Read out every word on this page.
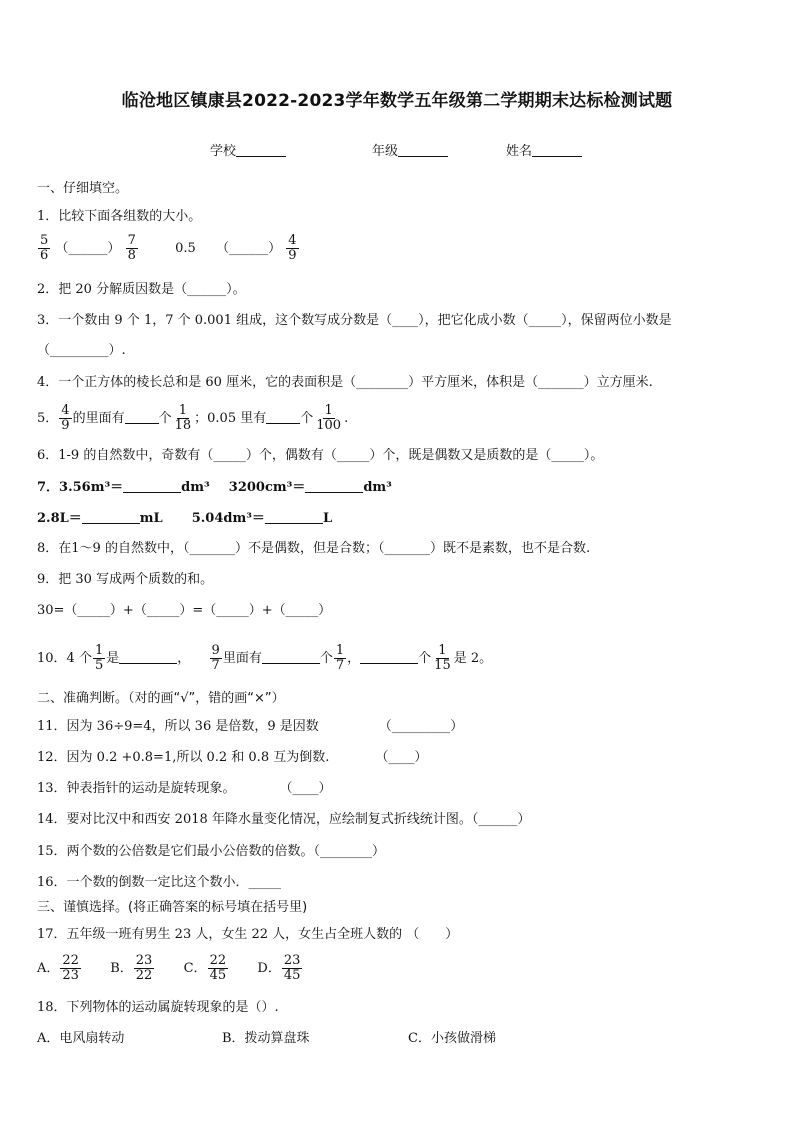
临沧地区镇康县2022-2023学年数学五年级第二学期期末达标检测试题
学校	年级	姓名
一、仔细填空。
1．比较下面各组数的大小。
$\frac{5}{6}$ （______） $\frac{7}{8}$	0.5 （______） $\frac{4}{9}$
2．把 20 分解质因数是（______）。
3．一个数由 9 个 1，7 个 0.001 组成，这个数写成分数是（____），把它化成小数（_____），保留两位小数是
（_________）.
4．一个正方体的棱长总和是 60 厘米，它的表面积是（________）平方厘米，体积是（_______）立方厘米.
5． $\frac{4}{9}$ 的里面有	个 $\frac{1}{18}$ ；0.05 里有	个 $\frac{1}{100}$ .
6．1-9 的自然数中，奇数有（_____）个，偶数有（_____）个，既是偶数又是质数的是（_____）。
7．3.56m³＝	dm³ 3200cm³＝	dm³
2.8L＝	mL 5.04dm³＝	L
8．在1～9 的自然数中，（_______）不是偶数，但是合数；（_______）既不是素数，也不是合数.
9．把 30 写成两个质数的和。
30=（_____）+（_____）=（_____）+（_____）
10．4 个 $\frac{1}{5}$ 是	， $\frac{9}{7}$ 里面有	个 $\frac{1}{7}$ ，	个 $\frac{1}{15}$ 是 2。
二、准确判断。（对的画“√”，错的画“×”）
11．因为 36÷9=4，所以 36 是倍数，9 是因数	（_________）
12．因为 0.2 +0.8=1,所以 0.2 和 0.8 互为倒数.	（____）
13．钟表指针的运动是旋转现象。	（____）
14．要对比汉中和西安 2018 年降水量变化情况，应绘制复式折线统计图。（______）
15．两个数的公倍数是它们最小公倍数的倍数。（________）
16．一个数的倒数一定比这个数小．_____
三、谨慎选择。(将正确答案的标号填在括号里)
17．五年级一班有男生 23 人，女生 22 人，女生占全班人数的 （　　）
A． $\frac{22}{23}$ B． $\frac{23}{22}$ C． $\frac{22}{45}$ D． $\frac{23}{45}$
18．下列物体的运动属旋转现象的是（）.
A．电风扇转动	B．拨动算盘珠	C．小孩做滑梯
